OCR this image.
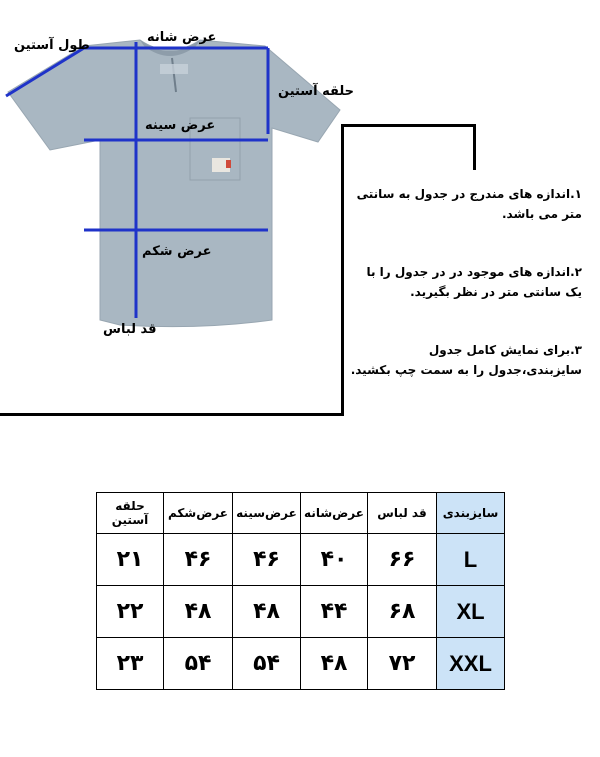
طول آستین
عرض شانه
حلقه آستین
عرض سینه
عرض شکم
قد لباس
۱.اندازه های مندرج در جدول به سانتی متر می باشد.
۲.اندازه های موجود در در جدول را با یک سانتی متر در نظر بگیرید.
۳.برای نمایش کامل جدول سایزبندی،جدول را به سمت چپ بکشید.
حلقه آستین	عرض‌شکم	عرض‌سینه	عرض‌شانه	قد لباس	سایزبندی
۲۱	۴۶	۴۶	۴۰	۶۶	L
۲۲	۴۸	۴۸	۴۴	۶۸	XL
۲۳	۵۴	۵۴	۴۸	۷۲	XXL
